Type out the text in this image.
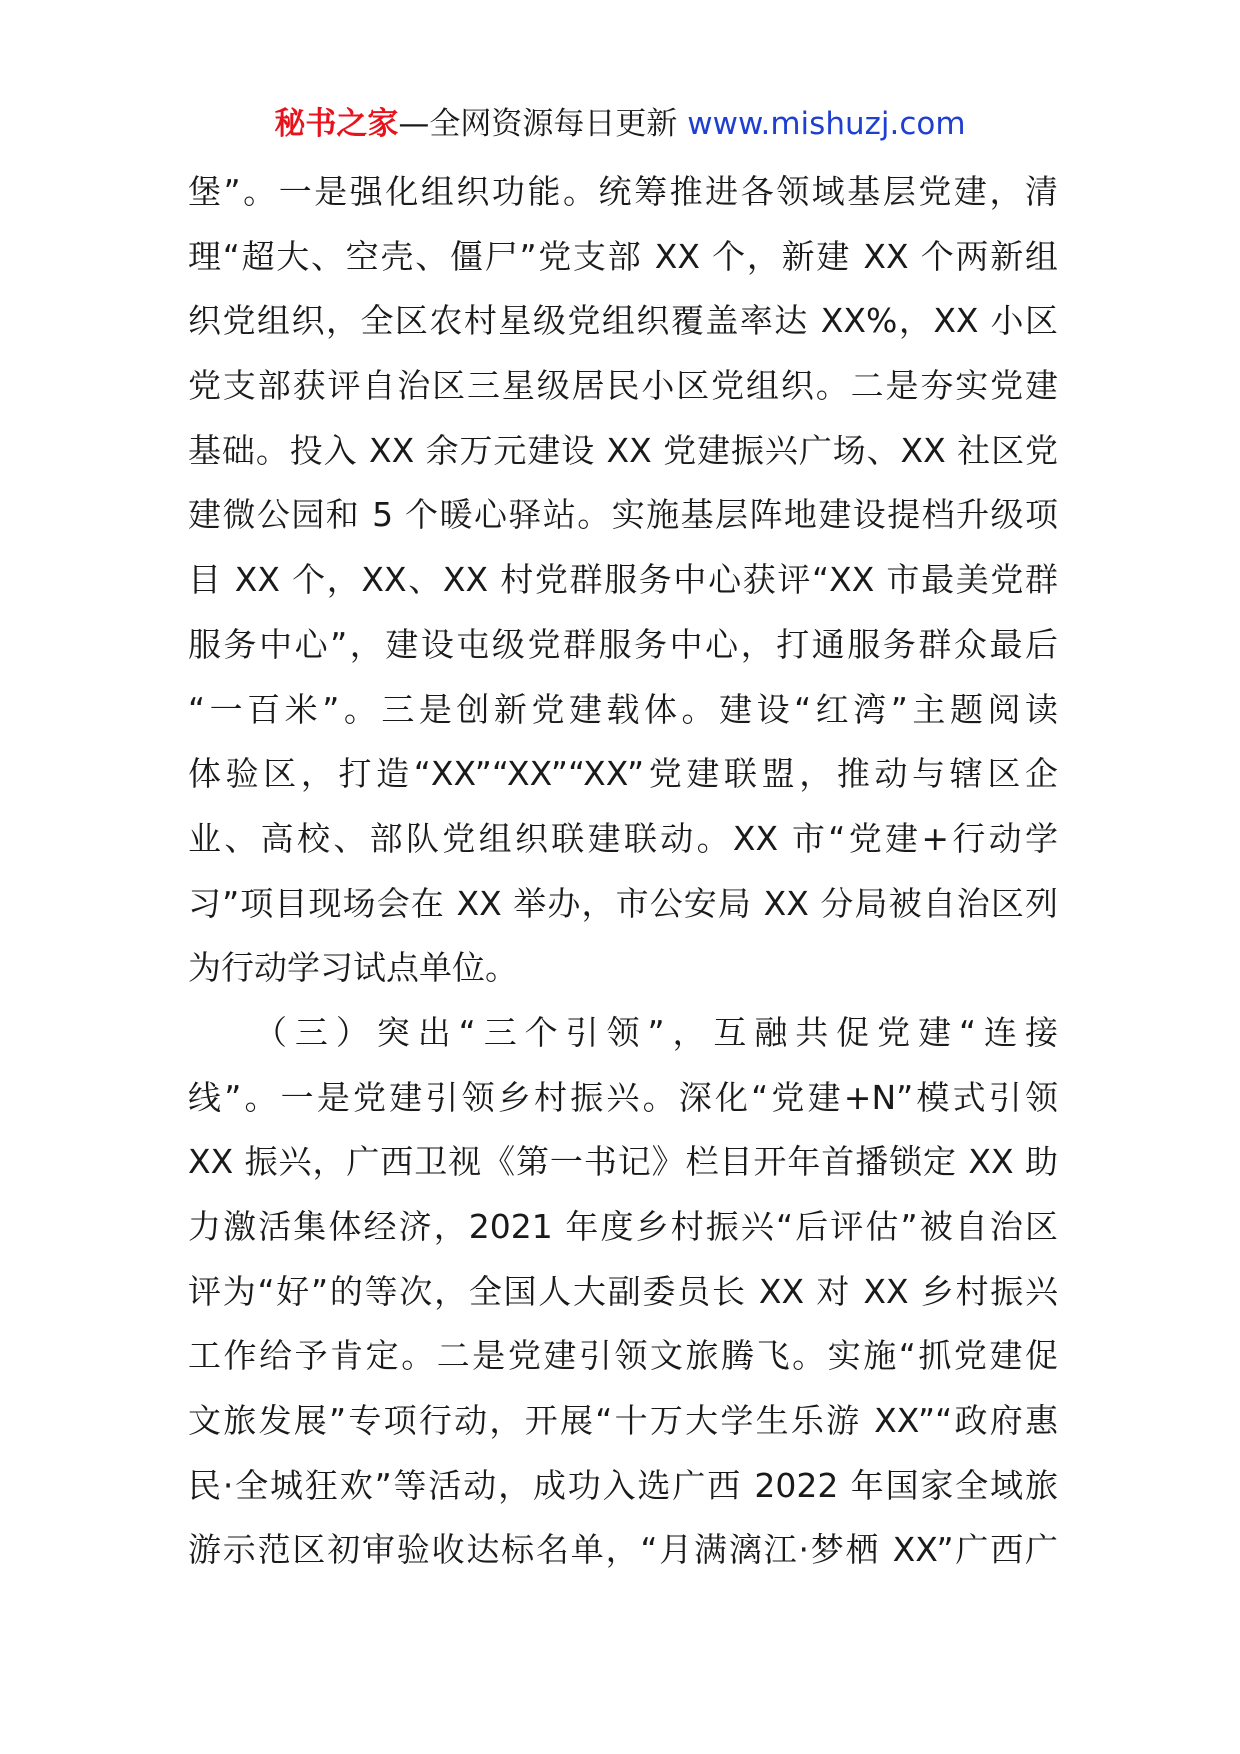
秘书之家—全网资源每日更新 www.mishuzj.com
堡”。一是强化组织功能。统筹推进各领域基层党建，清
理“超大、空壳、僵尸”党支部 XX 个，新建 XX 个两新组
织党组织，全区农村星级党组织覆盖率达 XX%，XX 小区
党支部获评自治区三星级居民小区党组织。二是夯实党建
基础。投入 XX 余万元建设 XX 党建振兴广场、XX 社区党
建微公园和 5 个暖心驿站。实施基层阵地建设提档升级项
目 XX 个，XX、XX 村党群服务中心获评“XX 市最美党群
服务中心”，建设屯级党群服务中心，打通服务群众最后
“一百米”。三是创新党建载体。建设“红湾”主题阅读
体验区，打造“XX”“XX”“XX”党建联盟，推动与辖区企
业、高校、部队党组织联建联动。XX 市“党建+行动学
习”项目现场会在 XX 举办，市公安局 XX 分局被自治区列
为行动学习试点单位。
（三）突出“三个引领”，互融共促党建“连接
线”。一是党建引领乡村振兴。深化“党建+N”模式引领
XX 振兴，广西卫视《第一书记》栏目开年首播锁定 XX 助
力激活集体经济，2021 年度乡村振兴“后评估”被自治区
评为“好”的等次，全国人大副委员长 XX 对 XX 乡村振兴
工作给予肯定。二是党建引领文旅腾飞。实施“抓党建促
文旅发展”专项行动，开展“十万大学生乐游 XX”“政府惠
民·全城狂欢”等活动，成功入选广西 2022 年国家全域旅
游示范区初审验收达标名单，“月满漓江·梦栖 XX”广西广
